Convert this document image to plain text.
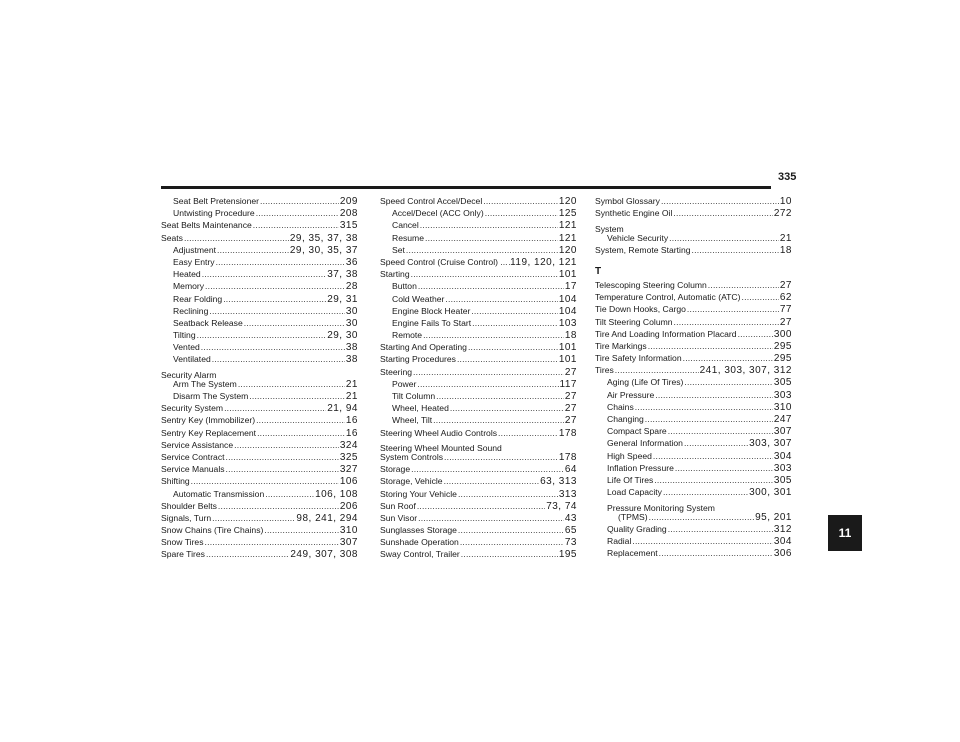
335
Seat Belt Pretensioner .....	209
Untwisting Procedure .....	208
Seat Belts Maintenance .....	315
Seats .....	29, 35, 37, 38
Adjustment .....	29, 30, 35, 37
Easy Entry .....	36
Heated .....	37, 38
Memory .....	28
Rear Folding .....	29, 31
Reclining .....	30
Seatback Release .....	30
Tilting .....	29, 30
Vented .....	38
Ventilated .....	38
Security Alarm
Arm The System .....	21
Disarm The System .....	21
Security System .....	21, 94
Sentry Key (Immobilizer) .....	16
Sentry Key Replacement .....	16
Service Assistance .....	324
Service Contract .....	325
Service Manuals .....	327
Shifting .....	106
Automatic Transmission .....	106, 108
Shoulder Belts .....	206
Signals, Turn .....	98, 241, 294
Snow Chains (Tire Chains) .....	310
Snow Tires .....	307
Spare Tires .....	249, 307, 308
Speed Control Accel/Decel .....	120
Accel/Decel (ACC Only) .....	125
Cancel .....	121
Resume .....	121
Set .....	120
Speed Control (Cruise Control) ... ..... 119, 120, 121
Starting .....	101
Button .....	17
Cold Weather .....	104
Engine Block Heater .....	104
Engine Fails To Start .....	103
Remote .....	18
Starting And Operating .....	101
Starting Procedures .....	101
Steering .....	27
Power .....	117
Tilt Column .....	27
Wheel, Heated .....	27
Wheel, Tilt .....	27
Steering Wheel Audio Controls .....	178
Steering Wheel Mounted Sound
System Controls .....	178
Storage .....	64
Storage, Vehicle .....	63, 313
Storing Your Vehicle .....	313
Sun Roof .....	73, 74
Sun Visor .....	43
Sunglasses Storage .....	65
Sunshade Operation .....	73
Sway Control, Trailer .....	195
Symbol Glossary .....	10
Synthetic Engine Oil .....	272
System
Vehicle Security .....	21
System, Remote Starting .....	18
T
Telescoping Steering Column .....	27
Temperature Control, Automatic (ATC) .....	62
Tie Down Hooks, Cargo .....	77
Tilt Steering Column .....	27
Tire And Loading Information Placard .....	300
Tire Markings .....	295
Tire Safety Information .....	295
Tires .....	241, 303, 307, 312
Aging (Life Of Tires) .....	305
Air Pressure .....	303
Chains .....	310
Changing .....	247
Compact Spare .....	307
General Information .....	303, 307
High Speed .....	304
Inflation Pressure .....	303
Life Of Tires .....	305
Load Capacity .....	300, 301
Pressure Monitoring System
(TPMS) .....	95, 201
Quality Grading .....	312
Radial .....	304
Replacement .....	306
11
